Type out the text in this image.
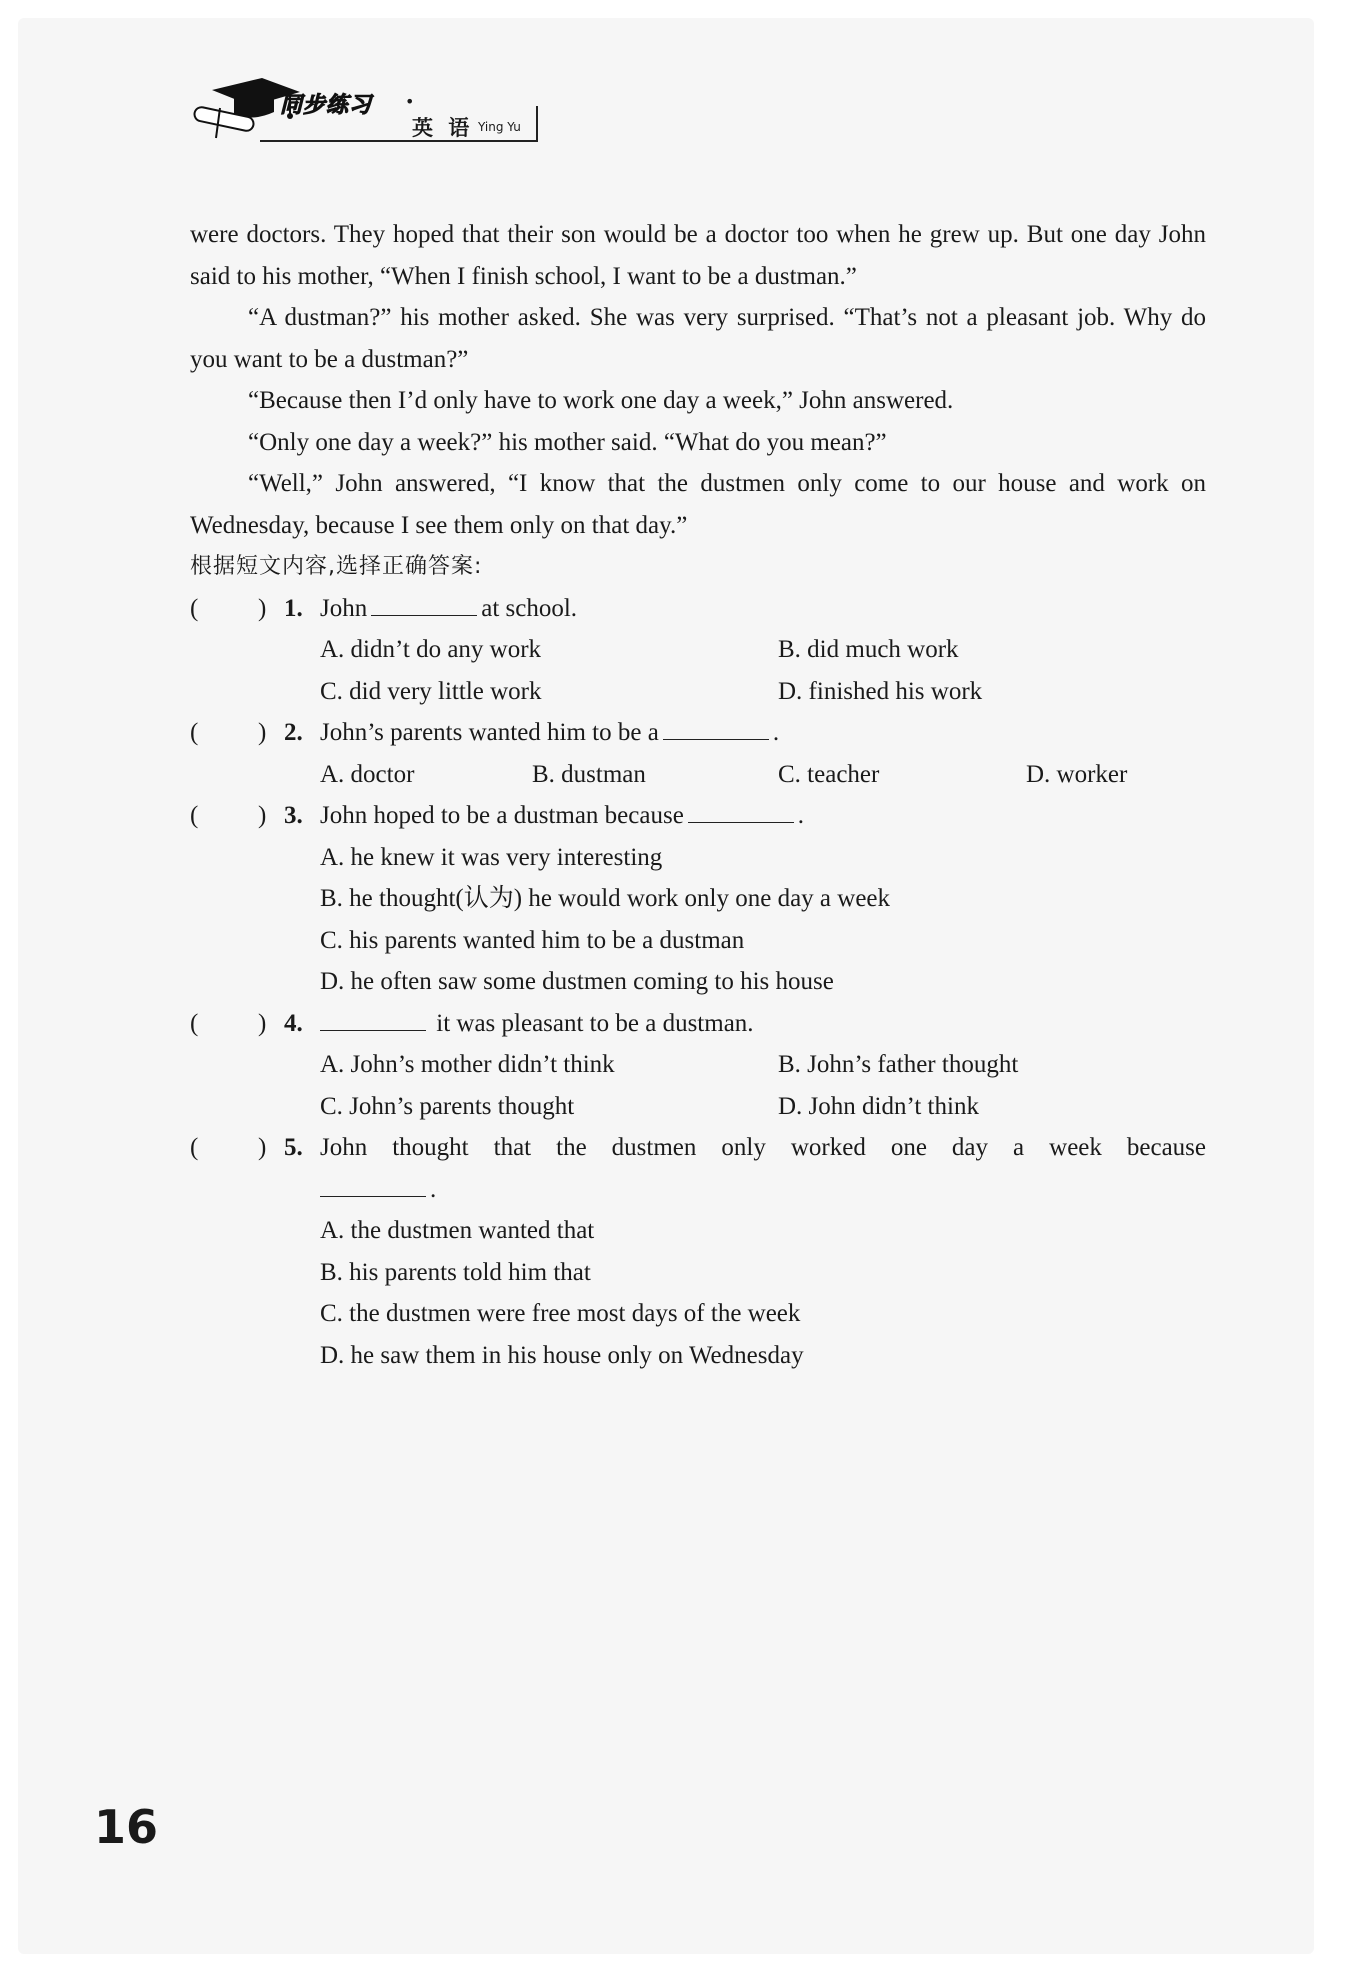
同步练习 •
英 语 Ying Yu

were doctors. They hoped that their son would be a doctor too when he grew up. But one day John said to his mother, “When I finish school, I want to be a dustman.”

“A dustman?” his mother asked. She was very surprised. “That’s not a pleasant job. Why do you want to be a dustman?”

“Because then I’d only have to work one day a week,” John answered.

“Only one day a week?” his mother said. “What do you mean?”

“Well,” John answered, “I know that the dustmen only come to our house and work on Wednesday, because I see them only on that day.”

根据短文内容,选择正确答案:
( ) 1. John	at school.
A. didn’t do any work	B. did much work
C. did very little work	D. finished his work
( ) 2. John’s parents wanted him to be a	.
A. doctor	B. dustman	C. teacher	D. worker
( ) 3. John hoped to be a dustman because	.
A. he knew it was very interesting
B. he thought(认为) he would work only one day a week
C. his parents wanted him to be a dustman
D. he often saw some dustmen coming to his house
( ) 4.	it was pleasant to be a dustman.
A. John’s mother didn’t think	B. John’s father thought
C. John’s parents thought	D. John didn’t think
( ) 5. John thought that the dustmen only worked one day a week because
.
A. the dustmen wanted that
B. his parents told him that
C. the dustmen were free most days of the week
D. he saw them in his house only on Wednesday
16
